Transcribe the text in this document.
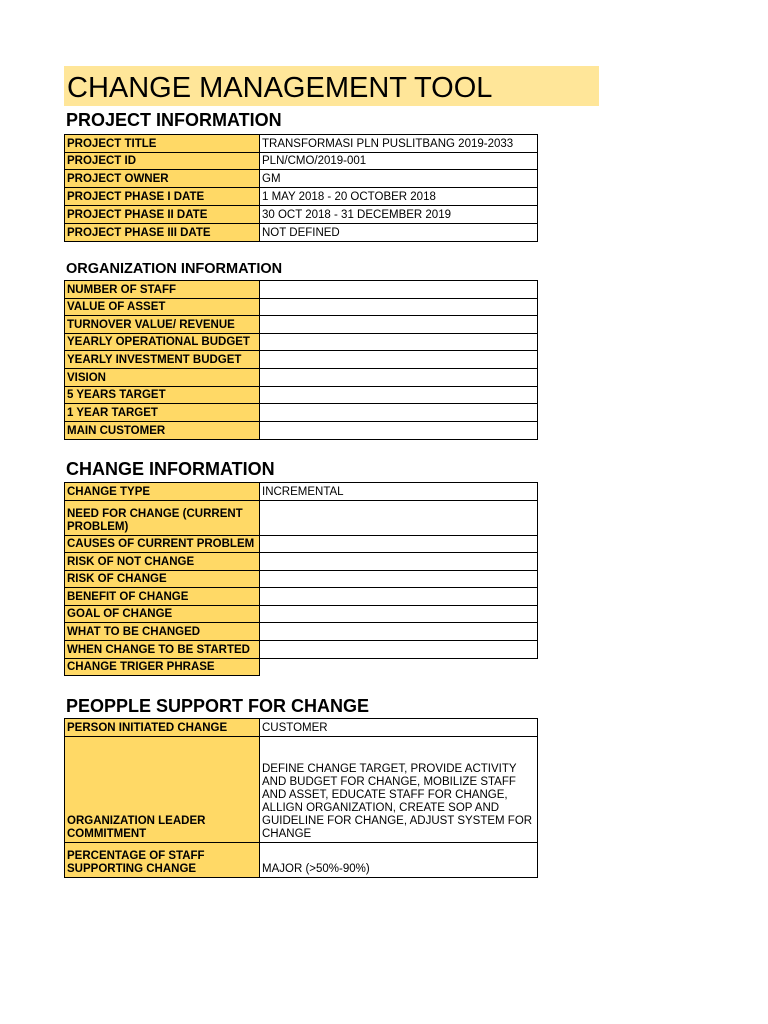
CHANGE MANAGEMENT TOOL
PROJECT INFORMATION
PROJECT TITLE	TRANSFORMASI PLN PUSLITBANG 2019-2033
PROJECT ID	PLN/CMO/2019-001
PROJECT OWNER	GM
PROJECT PHASE I DATE	1 MAY 2018 - 20 OCTOBER 2018
PROJECT PHASE II DATE	30 OCT 2018 - 31 DECEMBER 2019
PROJECT PHASE III DATE	NOT DEFINED
ORGANIZATION INFORMATION
NUMBER OF STAFF	
VALUE OF ASSET	
TURNOVER VALUE/ REVENUE	
YEARLY OPERATIONAL BUDGET	
YEARLY INVESTMENT BUDGET	
VISION	
5 YEARS TARGET	
1 YEAR TARGET	
MAIN CUSTOMER	
CHANGE INFORMATION
CHANGE TYPE	INCREMENTAL
NEED FOR CHANGE (CURRENT PROBLEM)	
CAUSES OF CURRENT PROBLEM	
RISK OF NOT CHANGE	
RISK OF CHANGE	
BENEFIT OF CHANGE	
GOAL OF CHANGE	
WHAT TO BE CHANGED	
WHEN CHANGE TO BE STARTED	
CHANGE TRIGER PHRASE	
PEOPPLE SUPPORT FOR CHANGE
PERSON INITIATED CHANGE	CUSTOMER
ORGANIZATION LEADER COMMITMENT	DEFINE CHANGE TARGET, PROVIDE ACTIVITY AND BUDGET FOR CHANGE, MOBILIZE STAFF AND ASSET, EDUCATE STAFF FOR CHANGE, ALLIGN ORGANIZATION, CREATE SOP AND GUIDELINE FOR CHANGE, ADJUST SYSTEM FOR CHANGE
PERCENTAGE OF STAFF SUPPORTING CHANGE	MAJOR (>50%-90%)
